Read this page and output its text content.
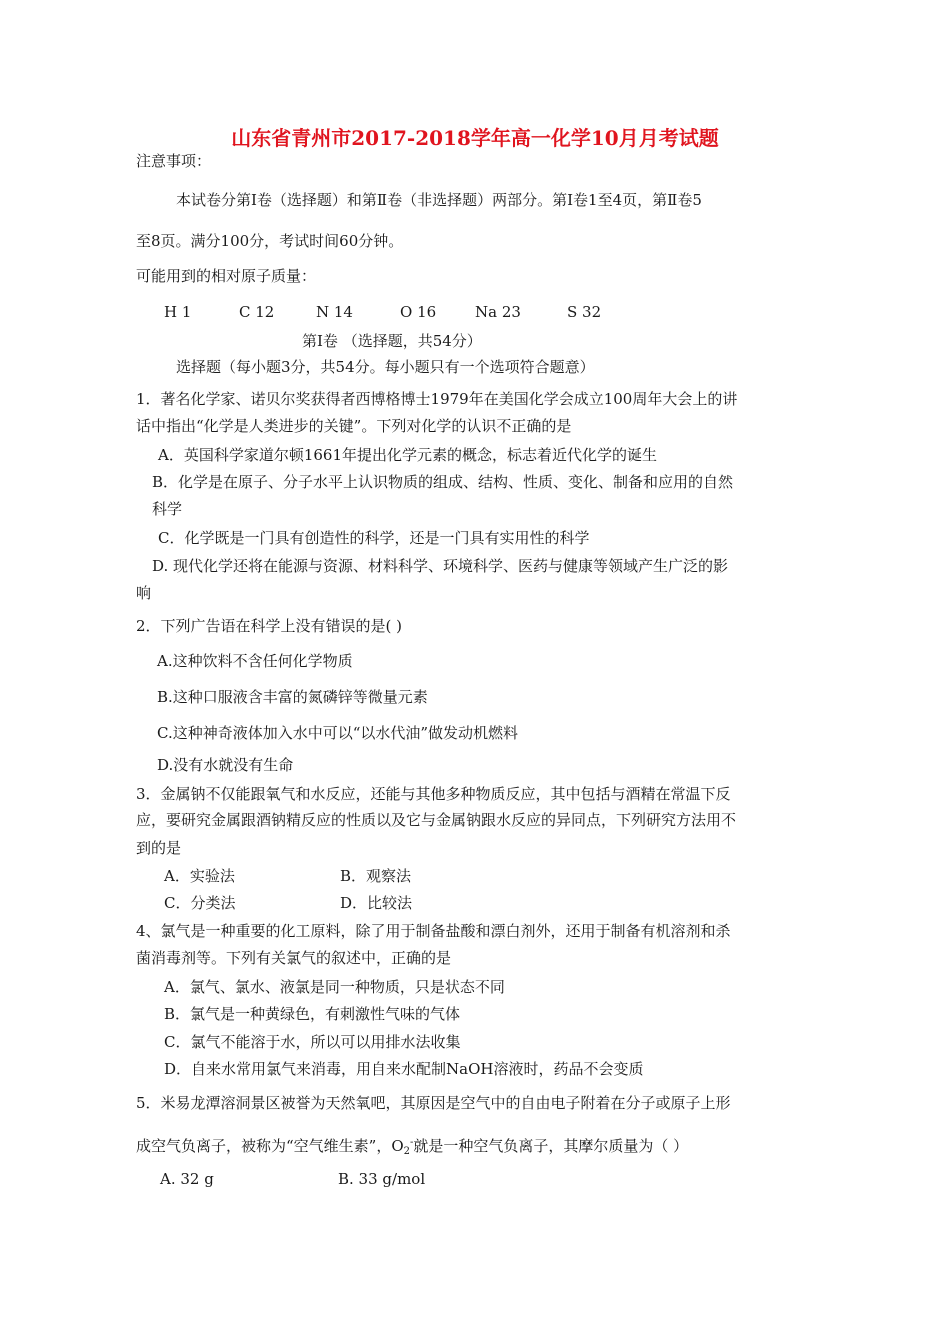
山东省青州市2017-2018学年高一化学10月月考试题
注意事项：
本试卷分第Ⅰ卷（选择题）和第Ⅱ卷（非选择题）两部分。第Ⅰ卷1至4页，第Ⅱ卷5
至8页。满分100分，考试时间60分钟。
可能用到的相对原子质量：
H 1	C 12	N 14	O 16	Na 23	S 32
第Ⅰ卷 （选择题，共54分）
选择题（每小题3分，共54分。每小题只有一个选项符合题意）
1．著名化学家、诺贝尔奖获得者西博格博士1979年在美国化学会成立100周年大会上的讲
话中指出“化学是人类进步的关键”。下列对化学的认识不正确的是
A．英国科学家道尔顿1661年提出化学元素的概念，标志着近代化学的诞生
B．化学是在原子、分子水平上认识物质的组成、结构、性质、变化、制备和应用的自然
科学
C．化学既是一门具有创造性的科学，还是一门具有实用性的科学
D. 现代化学还将在能源与资源、材料科学、环境科学、医药与健康等领域产生广泛的影
响
2．下列广告语在科学上没有错误的是( )
A.这种饮料不含任何化学物质
B.这种口服液含丰富的氮磷锌等微量元素
C.这种神奇液体加入水中可以“以水代油”做发动机燃料
D.没有水就没有生命
3．金属钠不仅能跟氧气和水反应，还能与其他多种物质反应，其中包括与酒精在常温下反
应，要研究金属跟酒钠精反应的性质以及它与金属钠跟水反应的异同点，下列研究方法用不
到的是
A．实验法	B．观察法
C．分类法	D．比较法
4、氯气是一种重要的化工原料，除了用于制备盐酸和漂白剂外，还用于制备有机溶剂和杀
菌消毒剂等。下列有关氯气的叙述中，正确的是
A．氯气、氯水、液氯是同一种物质，只是状态不同
B．氯气是一种黄绿色，有刺激性气味的气体
C．氯气不能溶于水，所以可以用排水法收集
D．自来水常用氯气来消毒，用自来水配制NaOH溶液时，药品不会变质
5．米易龙潭溶洞景区被誉为天然氧吧，其原因是空气中的自由电子附着在分子或原子上形
成空气负离子，被称为“空气维生素”，$O_2^-$就是一种空气负离子，其摩尔质量为（ ）
A. 32 g	B. 33 g/mol
